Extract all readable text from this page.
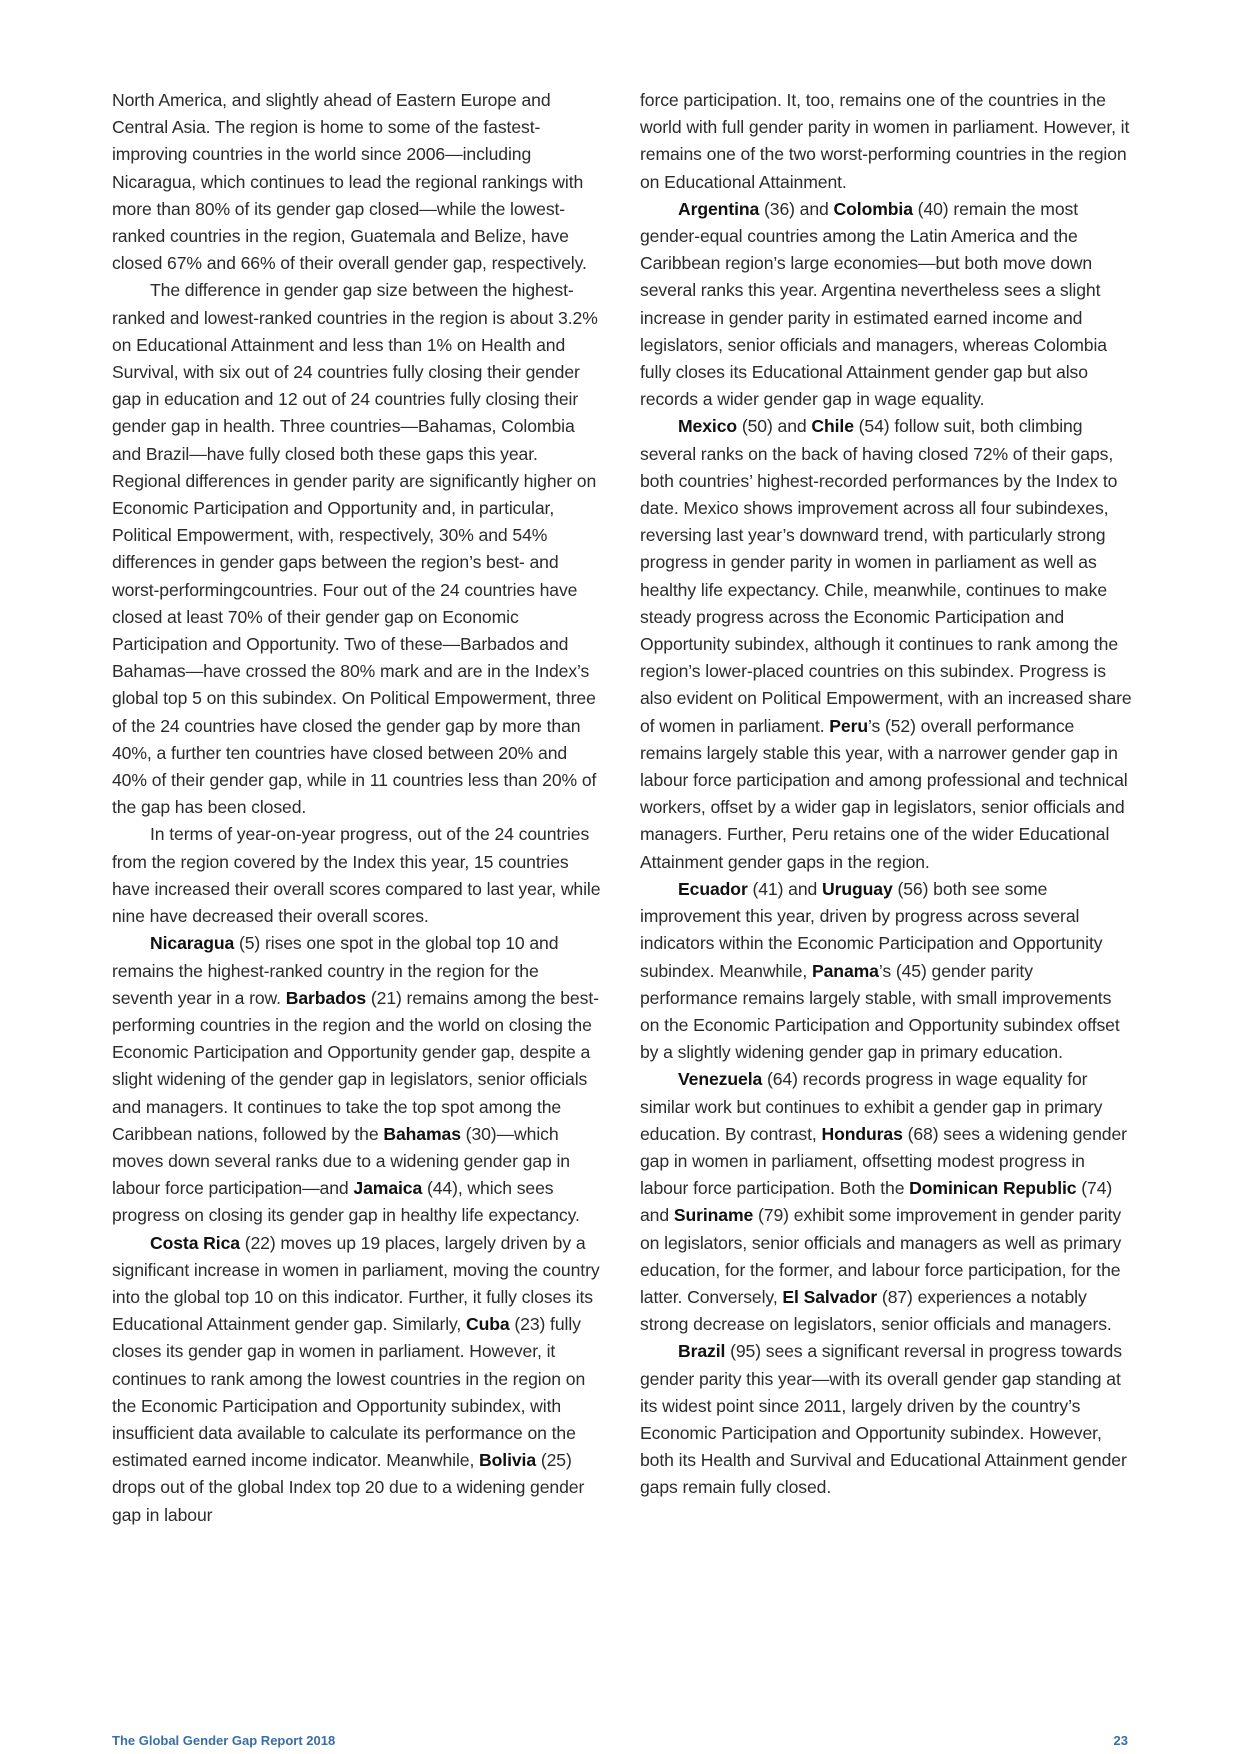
North America, and slightly ahead of Eastern Europe and Central Asia. The region is home to some of the fastest-improving countries in the world since 2006—including Nicaragua, which continues to lead the regional rankings with more than 80% of its gender gap closed—while the lowest-ranked countries in the region, Guatemala and Belize, have closed 67% and 66% of their overall gender gap, respectively.

The difference in gender gap size between the highest-ranked and lowest-ranked countries in the region is about 3.2% on Educational Attainment and less than 1% on Health and Survival, with six out of 24 countries fully closing their gender gap in education and 12 out of 24 countries fully closing their gender gap in health. Three countries—Bahamas, Colombia and Brazil—have fully closed both these gaps this year. Regional differences in gender parity are significantly higher on Economic Participation and Opportunity and, in particular, Political Empowerment, with, respectively, 30% and 54% differences in gender gaps between the region’s best- and worst-performingcountries. Four out of the 24 countries have closed at least 70% of their gender gap on Economic Participation and Opportunity. Two of these—Barbados and Bahamas—have crossed the 80% mark and are in the Index’s global top 5 on this subindex. On Political Empowerment, three of the 24 countries have closed the gender gap by more than 40%, a further ten countries have closed between 20% and 40% of their gender gap, while in 11 countries less than 20% of the gap has been closed.

In terms of year-on-year progress, out of the 24 countries from the region covered by the Index this year, 15 countries have increased their overall scores compared to last year, while nine have decreased their overall scores.

Nicaragua (5) rises one spot in the global top 10 and remains the highest-ranked country in the region for the seventh year in a row. Barbados (21) remains among the best-performing countries in the region and the world on closing the Economic Participation and Opportunity gender gap, despite a slight widening of the gender gap in legislators, senior officials and managers. It continues to take the top spot among the Caribbean nations, followed by the Bahamas (30)—which moves down several ranks due to a widening gender gap in labour force participation—and Jamaica (44), which sees progress on closing its gender gap in healthy life expectancy.

Costa Rica (22) moves up 19 places, largely driven by a significant increase in women in parliament, moving the country into the global top 10 on this indicator. Further, it fully closes its Educational Attainment gender gap. Similarly, Cuba (23) fully closes its gender gap in women in parliament. However, it continues to rank among the lowest countries in the region on the Economic Participation and Opportunity subindex, with insufficient data available to calculate its performance on the estimated earned income indicator. Meanwhile, Bolivia (25) drops out of the global Index top 20 due to a widening gender gap in labour

force participation. It, too, remains one of the countries in the world with full gender parity in women in parliament. However, it remains one of the two worst-performing countries in the region on Educational Attainment.

Argentina (36) and Colombia (40) remain the most gender-equal countries among the Latin America and the Caribbean region’s large economies—but both move down several ranks this year. Argentina nevertheless sees a slight increase in gender parity in estimated earned income and legislators, senior officials and managers, whereas Colombia fully closes its Educational Attainment gender gap but also records a wider gender gap in wage equality.

Mexico (50) and Chile (54) follow suit, both climbing several ranks on the back of having closed 72% of their gaps, both countries’ highest-recorded performances by the Index to date. Mexico shows improvement across all four subindexes, reversing last year’s downward trend, with particularly strong progress in gender parity in women in parliament as well as healthy life expectancy. Chile, meanwhile, continues to make steady progress across the Economic Participation and Opportunity subindex, although it continues to rank among the region’s lower-placed countries on this subindex. Progress is also evident on Political Empowerment, with an increased share of women in parliament. Peru’s (52) overall performance remains largely stable this year, with a narrower gender gap in labour force participation and among professional and technical workers, offset by a wider gap in legislators, senior officials and managers. Further, Peru retains one of the wider Educational Attainment gender gaps in the region.

Ecuador (41) and Uruguay (56) both see some improvement this year, driven by progress across several indicators within the Economic Participation and Opportunity subindex. Meanwhile, Panama’s (45) gender parity performance remains largely stable, with small improvements on the Economic Participation and Opportunity subindex offset by a slightly widening gender gap in primary education.

Venezuela (64) records progress in wage equality for similar work but continues to exhibit a gender gap in primary education. By contrast, Honduras (68) sees a widening gender gap in women in parliament, offsetting modest progress in labour force participation. Both the Dominican Republic (74) and Suriname (79) exhibit some improvement in gender parity on legislators, senior officials and managers as well as primary education, for the former, and labour force participation, for the latter. Conversely, El Salvador (87) experiences a notably strong decrease on legislators, senior officials and managers.

Brazil (95) sees a significant reversal in progress towards gender parity this year—with its overall gender gap standing at its widest point since 2011, largely driven by the country’s Economic Participation and Opportunity subindex. However, both its Health and Survival and Educational Attainment gender gaps remain fully closed.

The Global Gender Gap Report 2018	23
